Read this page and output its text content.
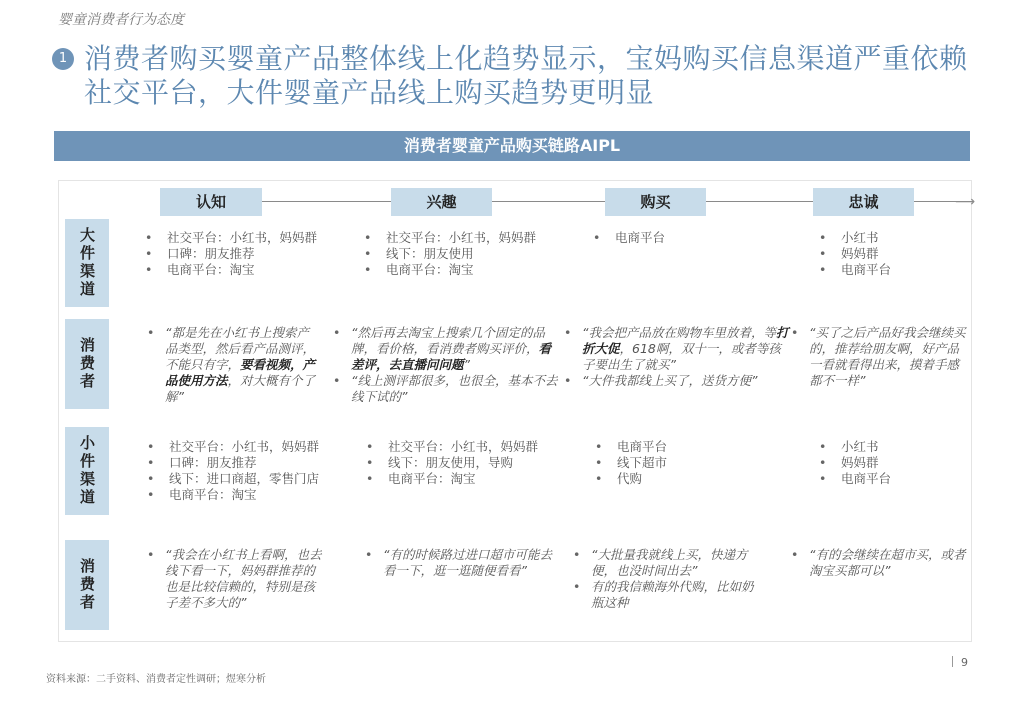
婴童消费者行为态度
1 消费者购买婴童产品整体线上化趋势显示，宝妈购买信息渠道严重依赖社交平台，大件婴童产品线上购买趋势更明显
消费者婴童产品购买链路AIPL
⟶
认知	兴趣	购买	忠诚
大件渠道
消费者
小件渠道
消费者
• 社交平台：小红书，妈妈群
• 口碑：朋友推荐
• 电商平台：淘宝
• 社交平台：小红书，妈妈群
• 线下：朋友使用
• 电商平台：淘宝
• 电商平台
•	小红书
• 妈妈群
• 电商平台
• “都是先在小红书上搜索产品类型，然后看产品测评，不能只有字，要看视频，产品使用方法，对大概有个了解”
• “然后再去淘宝上搜索几个固定的品牌，看价格，看消费者购买评价，看差评，去直播问问题”
• “线上测评都很多，也很全，基本不去线下试的”
• “我会把产品放在购物车里放着，等打折大促，618啊，双十一，或者等孩子要出生了就买”
• “大件我都线上买了，送货方便”
• “买了之后产品好我会继续买的，推荐给朋友啊，好产品一看就看得出来，摸着手感都不一样”
• 社交平台：小红书，妈妈群
• 口碑：朋友推荐
• 线下：进口商超，零售门店
• 电商平台：淘宝
• 社交平台：小红书，妈妈群
• 线下：朋友使用，导购
• 电商平台：淘宝
• 电商平台
• 线下超市
• 代购
• 小红书
• 妈妈群
• 电商平台
• “我会在小红书上看啊，也去线下看一下，妈妈群推荐的也是比较信赖的，特别是孩子差不多大的”
• “有的时候路过进口超市可能去看一下，逛一逛随便看看”
• “大批量我就线上买，快递方便，也没时间出去”
• 有的我信赖海外代购，比如奶瓶这种
• “有的会继续在超市买，或者淘宝买都可以”
资料来源：二手资料、消费者定性调研；煜寒分析
9
